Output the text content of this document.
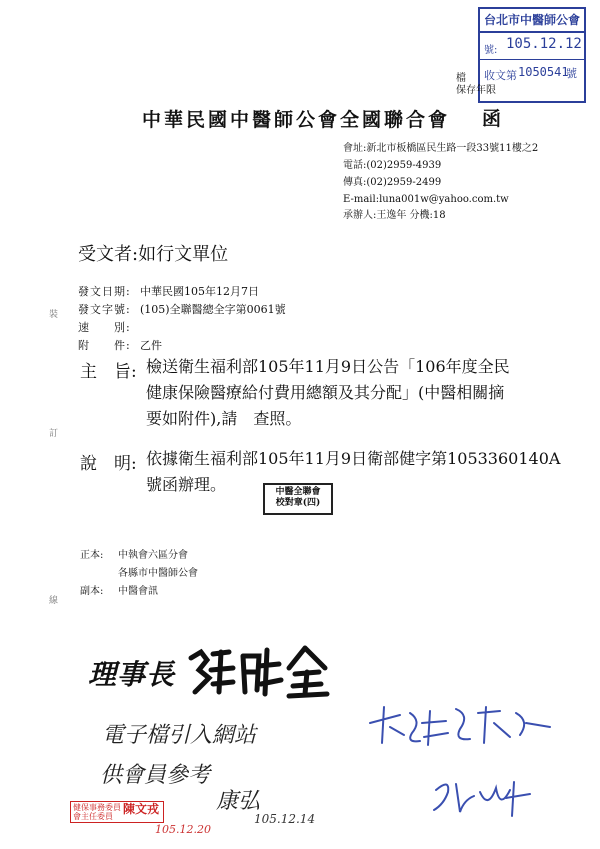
台北市中醫師公會
號: 105.12.12
收文第 1050541
號
檔
保存年限
中華民國中醫師公會全國聯合會 函
會址:新北市板橋區民生路一段33號11樓之2
電話:(02)2959-4939
傳真:(02)2959-2499
E-mail:luna001w@yahoo.com.tw
承辦人:王逸年 分機:18
受文者:如行文單位
發文日期: 中華民國105年12月7日
發文字號: (105)全聯醫總全字第0061號
速　　別:
附　　件: 乙件
主　旨: 檢送衛生福利部105年11月9日公告「106年度全民
健康保險醫療給付費用總額及其分配」(中醫相關摘
要如附件),請　查照。
說　明: 依據衛生福利部105年11月9日衛部健字第1053360140A
號函辦理。	中醫全聯會
校對章(四)
裝
訂
線
正本: 中執會六區分會
各縣市中醫師公會
副本: 中醫會訊
理事長
電子檔引入網站
供會員參考
康弘
105.12.14
105.12.20
健保事務委員會主任委員
陳文戎
